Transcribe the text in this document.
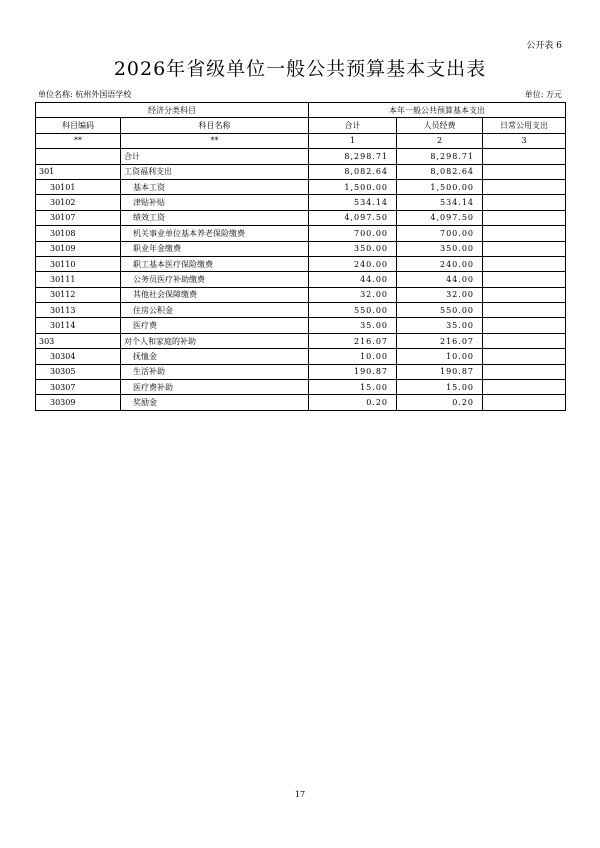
公开表 6
2026年省级单位一般公共预算基本支出表
单位名称: 杭州外国语学校	单位: 万元
经济分类科目		本年一般公共预算基本支出		
科目编码	科目名称	合计	人员经费	日常公用支出
**	**	1	2	3
	合计	8,298.71	8,298.71	
301	工资福利支出	8,082.64	8,082.64	
30101	基本工资	1,500.00	1,500.00	
30102	津贴补贴	534.14	534.14	
30107	绩效工资	4,097.50	4,097.50	
30108	机关事业单位基本养老保险缴费	700.00	700.00	
30109	职业年金缴费	350.00	350.00	
30110	职工基本医疗保险缴费	240.00	240.00	
30111	公务员医疗补助缴费	44.00	44.00	
30112	其他社会保障缴费	32.00	32.00	
30113	住房公积金	550.00	550.00	
30114	医疗费	35.00	35.00	
303	对个人和家庭的补助	216.07	216.07	
30304	抚恤金	10.00	10.00	
30305	生活补助	190.87	190.87	
30307	医疗费补助	15.00	15.00	
30309	奖励金	0.20	0.20	
17
